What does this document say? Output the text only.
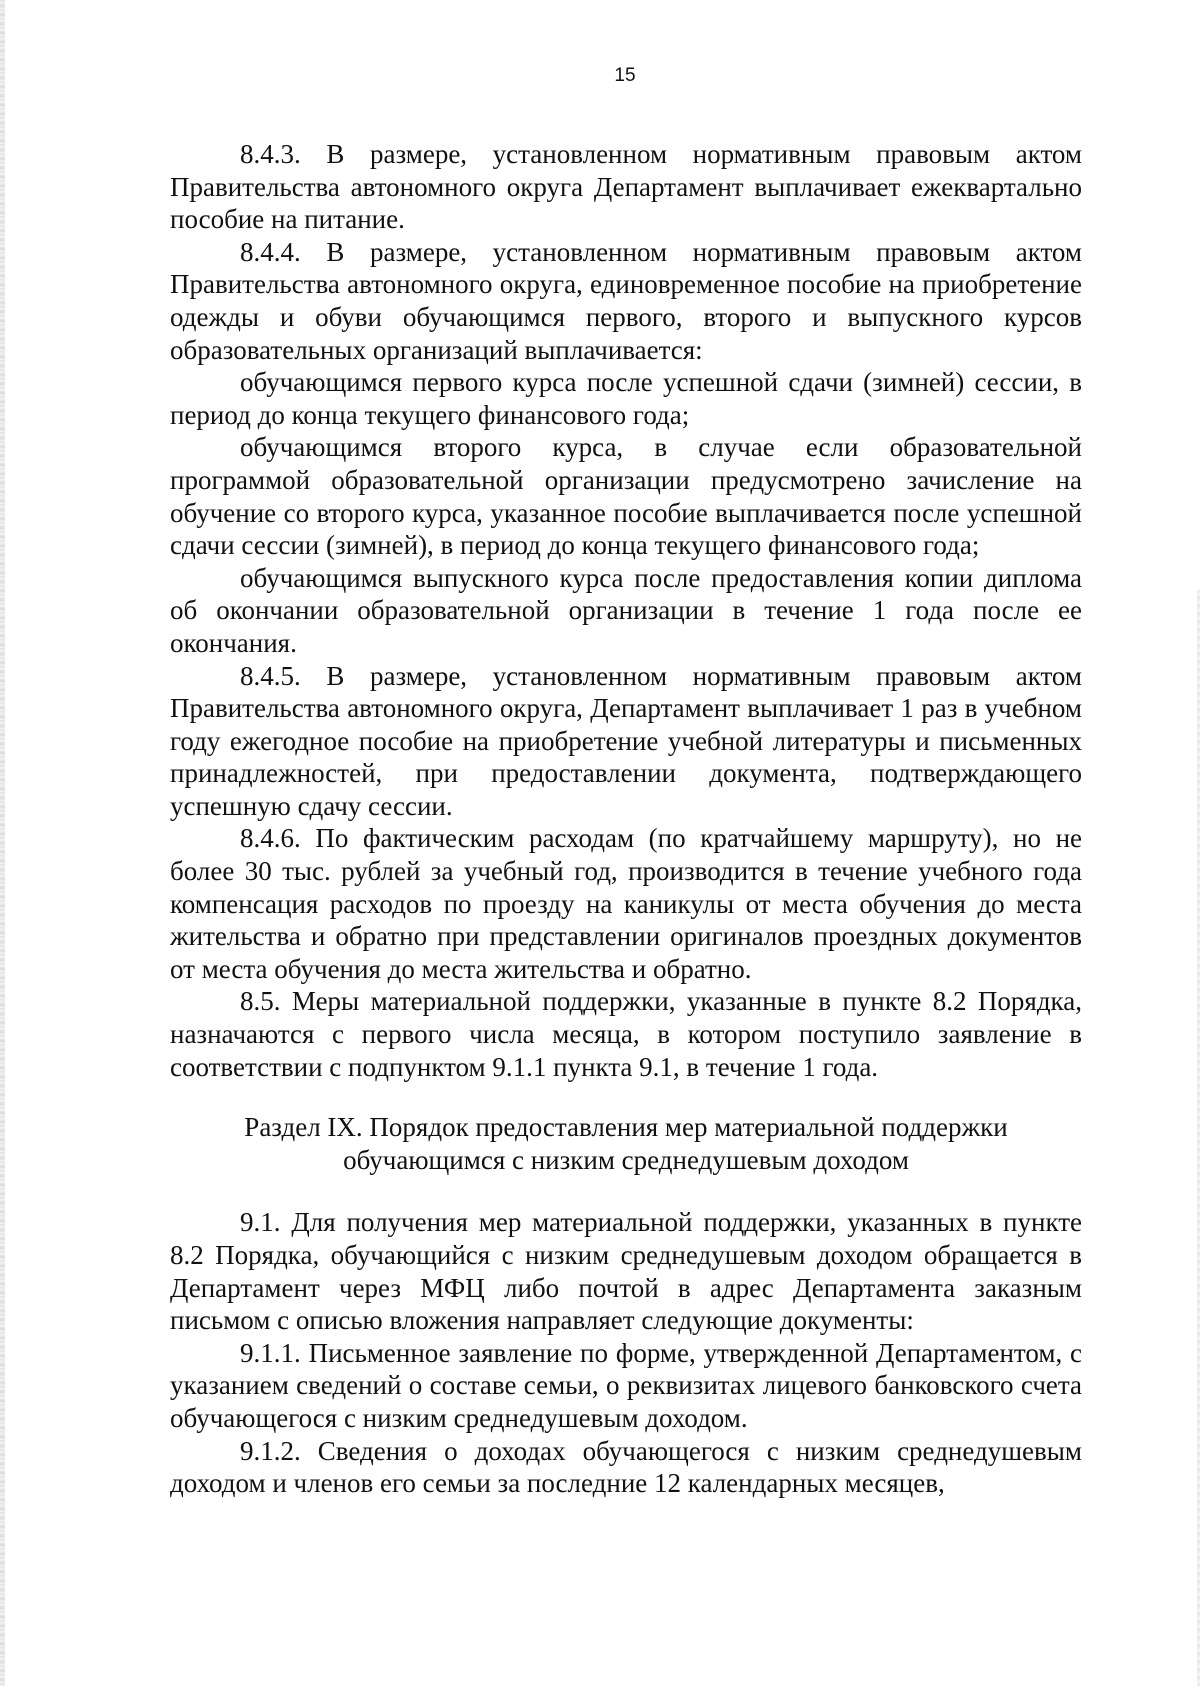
15

8.4.3. В размере, установленном нормативным правовым актом Правительства автономного округа Департамент выплачивает ежеквартально пособие на питание.

8.4.4. В размере, установленном нормативным правовым актом Правительства автономного округа, единовременное пособие на приобретение одежды и обуви обучающимся первого, второго и выпускного курсов образовательных организаций выплачивается:

обучающимся первого курса после успешной сдачи (зимней) сессии, в период до конца текущего финансового года;

обучающимся второго курса, в случае если образовательной программой образовательной организации предусмотрено зачисление на обучение со второго курса, указанное пособие выплачивается после успешной сдачи сессии (зимней), в период до конца текущего финансового года;

обучающимся выпускного курса после предоставления копии диплома об окончании образовательной организации в течение 1 года после ее окончания.

8.4.5. В размере, установленном нормативным правовым актом Правительства автономного округа, Департамент выплачивает 1 раз в учебном году ежегодное пособие на приобретение учебной литературы и письменных принадлежностей, при предоставлении документа, подтверждающего успешную сдачу сессии.

8.4.6. По фактическим расходам (по кратчайшему маршруту), но не более 30 тыс. рублей за учебный год, производится в течение учебного года компенсация расходов по проезду на каникулы от места обучения до места жительства и обратно при представлении оригиналов проездных документов от места обучения до места жительства и обратно.

8.5. Меры материальной поддержки, указанные в пункте 8.2 Порядка, назначаются с первого числа месяца, в котором поступило заявление в соответствии с подпунктом 9.1.1 пункта 9.1, в течение 1 года.

Раздел IX. Порядок предоставления мер материальной поддержки
обучающимся с низким среднедушевым доходом

9.1. Для получения мер материальной поддержки, указанных в пункте 8.2 Порядка, обучающийся с низким среднедушевым доходом обращается в Департамент через МФЦ либо почтой в адрес Департамента заказным письмом с описью вложения направляет следующие документы:

9.1.1. Письменное заявление по форме, утвержденной Департаментом, с указанием сведений о составе семьи, о реквизитах лицевого банковского счета обучающегося с низким среднедушевым доходом.

9.1.2. Сведения о доходах обучающегося с низким среднедушевым доходом и членов его семьи за последние 12 календарных месяцев,
